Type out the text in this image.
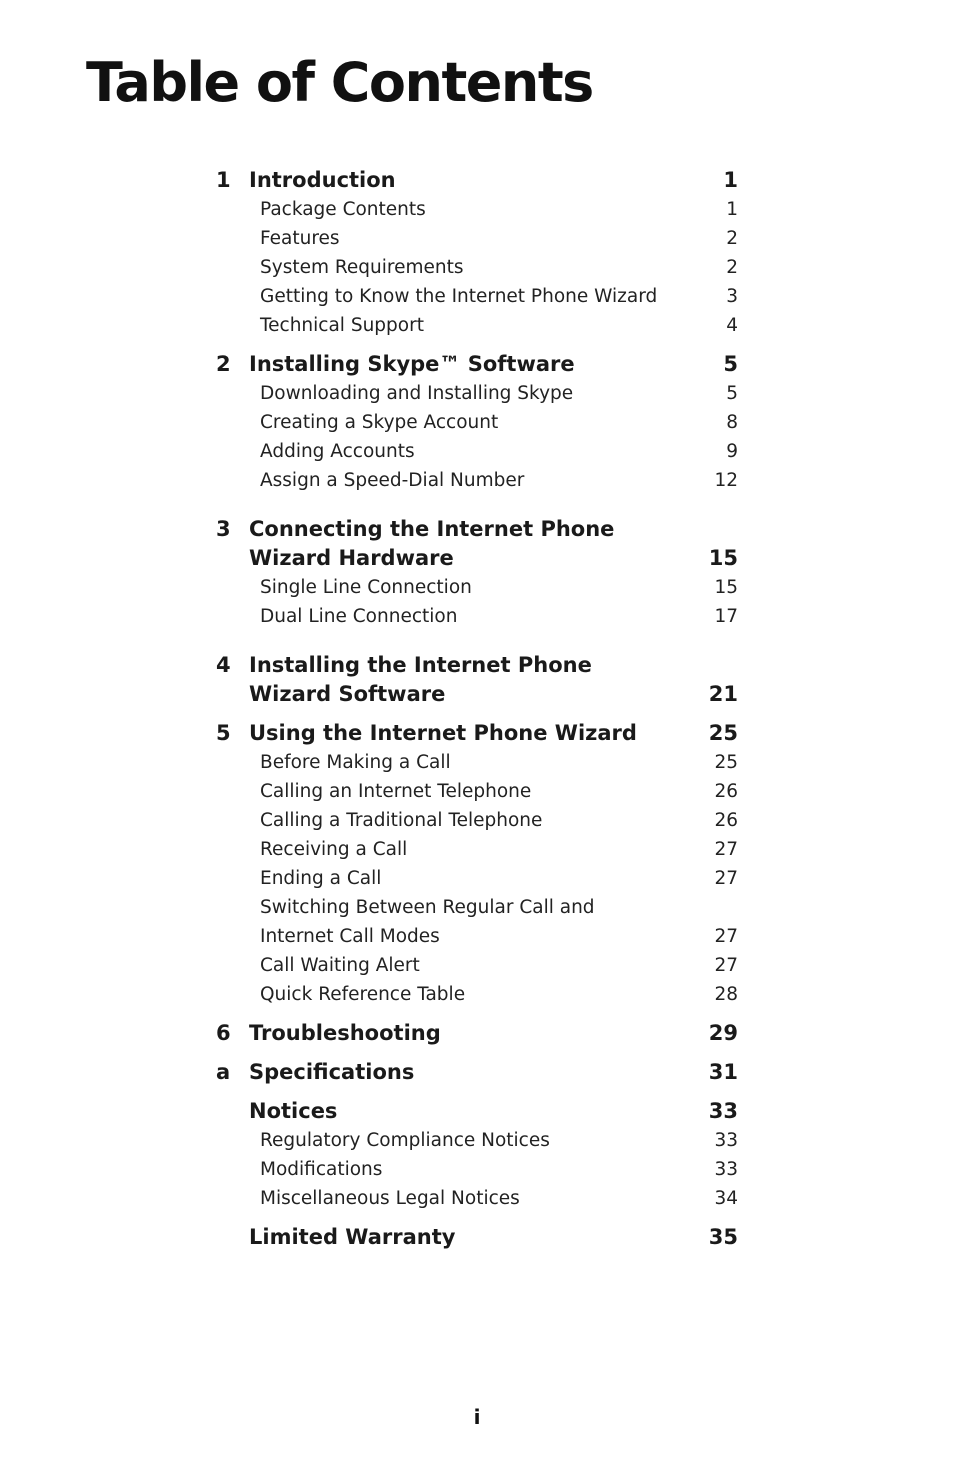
Table of Contents
1 Introduction	1
Package Contents	1
Features	2
System Requirements	2
Getting to Know the Internet Phone Wizard	3
Technical Support	4
2 Installing Skype™ Software	5
Downloading and Installing Skype	5
Creating a Skype Account	8
Adding Accounts	9
Assign a Speed-Dial Number	12
3 Connecting the Internet Phone
Wizard Hardware	15
Single Line Connection	15
Dual Line Connection	17
4 Installing the Internet Phone
Wizard Software	21
5 Using the Internet Phone Wizard	25
Before Making a Call	25
Calling an Internet Telephone	26
Calling a Traditional Telephone	26
Receiving a Call	27
Ending a Call	27
Switching Between Regular Call and
Internet Call Modes	27
Call Waiting Alert	27
Quick Reference Table	28
6 Troubleshooting	29
a Specifications	31
Notices	33
Regulatory Compliance Notices	33
Modifications	33
Miscellaneous Legal Notices	34
Limited Warranty	35
i
